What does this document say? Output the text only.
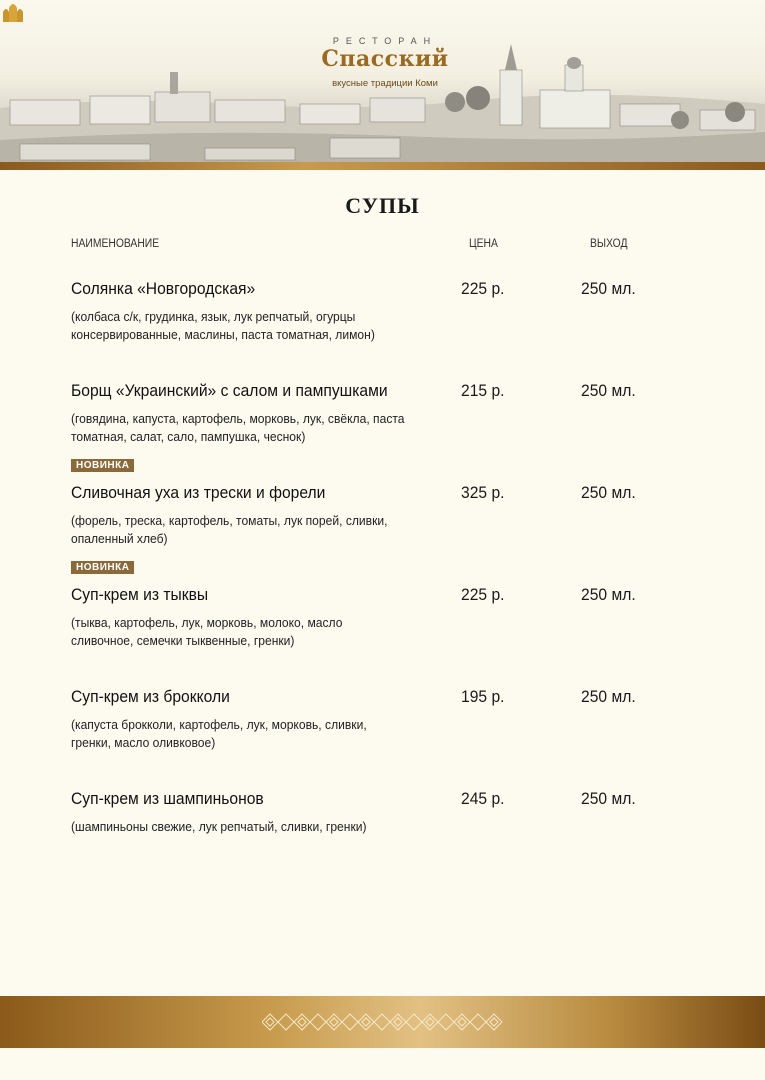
РЕСТОРАН
Спасский
вкусные традиции Коми
СУПЫ
НАИМЕНОВАНИЕ	ЦЕНА	ВЫХОД
Солянка «Новгородская»	225 р.	250 мл.
(колбаса с/к, грудинка, язык, лук репчатый, огурцы консервированные, маслины, паста томатная, лимон)
Борщ «Украинский» с салом и пампушками	215 р.	250 мл.
(говядина, капуста, картофель, морковь, лук, свёкла, паста томатная, салат, сало, пампушка, чеснок)
НОВИНКА
Сливочная уха из трески и форели	325 р.	250 мл.
(форель, треска, картофель, томаты, лук порей, сливки, опаленный хлеб)
НОВИНКА
Суп-крем из тыквы	225 р.	250 мл.
(тыква, картофель, лук, морковь, молоко, масло сливочное, семечки тыквенные, гренки)
Суп-крем из брокколи	195 р.	250 мл.
(капуста брокколи, картофель, лук, морковь, сливки, гренки, масло оливковое)
Суп-крем из шампиньонов	245 р.	250 мл.
(шампиньоны свежие, лук репчатый, сливки, гренки)
